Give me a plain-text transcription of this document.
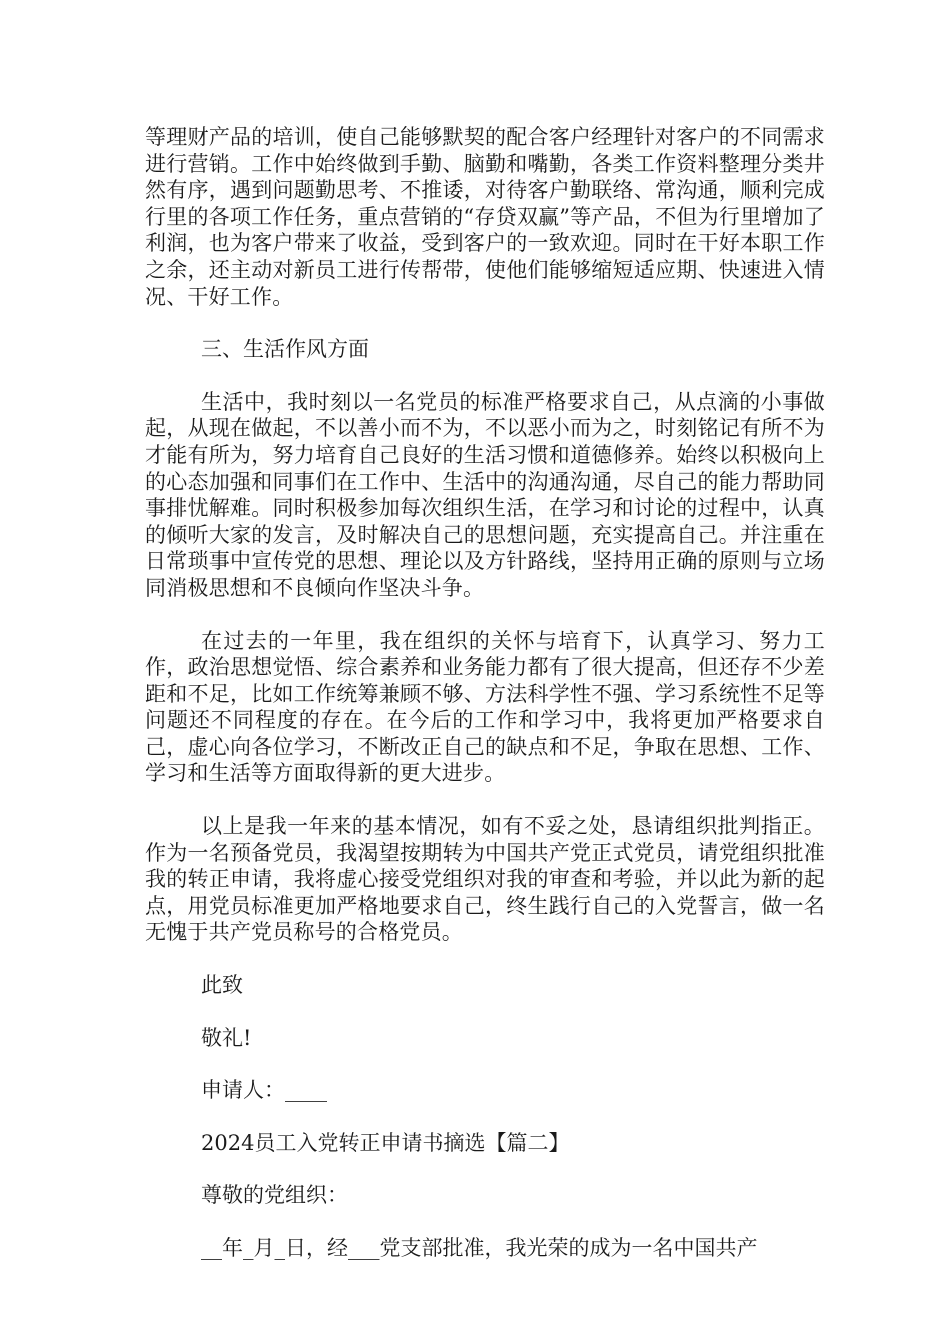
等理财产品的培训，使自己能够默契的配合客户经理针对客户的不同需求进行营销。工作中始终做到手勤、脑勤和嘴勤，各类工作资料整理分类井然有序，遇到问题勤思考、不推诿，对待客户勤联络、常沟通，顺利完成行里的各项工作任务，重点营销的“存贷双赢”等产品，不但为行里增加了利润，也为客户带来了收益，受到客户的一致欢迎。同时在干好本职工作之余，还主动对新员工进行传帮带，使他们能够缩短适应期、快速进入情况、干好工作。

三、生活作风方面

生活中，我时刻以一名党员的标准严格要求自己，从点滴的小事做起，从现在做起，不以善小而不为，不以恶小而为之，时刻铭记有所不为才能有所为，努力培育自己良好的生活习惯和道德修养。始终以积极向上的心态加强和同事们在工作中、生活中的沟通沟通，尽自己的能力帮助同事排忧解难。同时积极参加每次组织生活，在学习和讨论的过程中，认真的倾听大家的发言，及时解决自己的思想问题，充实提高自己。并注重在日常琐事中宣传党的思想、理论以及方针路线，坚持用正确的原则与立场同消极思想和不良倾向作坚决斗争。

在过去的一年里，我在组织的关怀与培育下，认真学习、努力工作，政治思想觉悟、综合素养和业务能力都有了很大提高，但还存不少差距和不足，比如工作统筹兼顾不够、方法科学性不强、学习系统性不足等问题还不同程度的存在。在今后的工作和学习中，我将更加严格要求自己，虚心向各位学习，不断改正自己的缺点和不足，争取在思想、工作、学习和生活等方面取得新的更大进步。

以上是我一年来的基本情况，如有不妥之处，恳请组织批判指正。作为一名预备党员，我渴望按期转为中国共产党正式党员，请党组织批准我的转正申请，我将虚心接受党组织对我的审查和考验，并以此为新的起点，用党员标准更加严格地要求自己，终生践行自己的入党誓言，做一名无愧于共产党员称号的合格党员。

此致

敬礼!

申请人：____

2024员工入党转正申请书摘选【篇二】

尊敬的党组织：

__年_月_日，经___党支部批准，我光荣的成为一名中国共产
